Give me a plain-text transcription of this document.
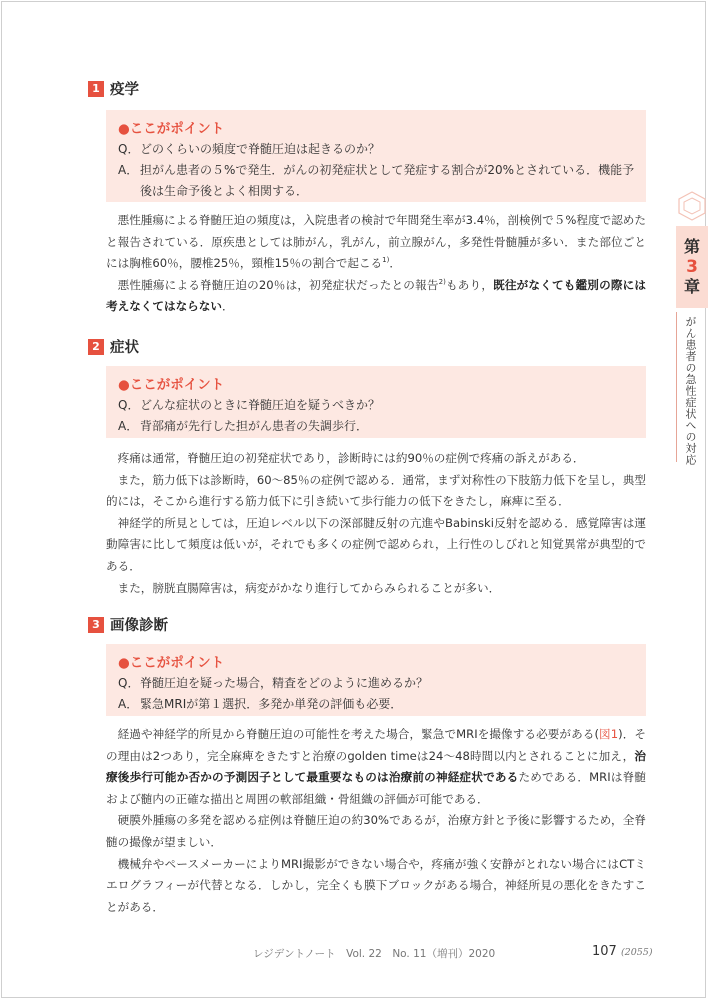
1 疫学
●ここがポイント
Q． どのくらいの頻度で脊髄圧迫は起きるのか？
A． 担がん患者の５%で発生．がんの初発症状として発症する割合が20%とされている．機能予後は生命予後とよく相関する．

悪性腫瘍による脊髄圧迫の頻度は，入院患者の検討で年間発生率が3.4％，剖検例で５%程度で認めたと報告されている．原疾患としては肺がん，乳がん，前立腺がん，多発性骨髄腫が多い．また部位ごとには胸椎60％，腰椎25％，頸椎15％の割合で起こる$^{1)}$．

悪性腫瘍による脊髄圧迫の20％は，初発症状だったとの報告$^{2)}$もあり，既往がなくても鑑別の際には考えなくてはならない．

2 症状
●ここがポイント
Q． どんな症状のときに脊髄圧迫を疑うべきか？
A． 背部痛が先行した担がん患者の失調歩行．

疼痛は通常，脊髄圧迫の初発症状であり，診断時には約90％の症例で疼痛の訴えがある．

また，筋力低下は診断時，60～85％の症例で認める．通常，まず対称性の下肢筋力低下を呈し，典型的には，そこから進行する筋力低下に引き続いて歩行能力の低下をきたし，麻痺に至る．

神経学的所見としては，圧迫レベル以下の深部腱反射の亢進やBabinski反射を認める．感覚障害は運動障害に比して頻度は低いが，それでも多くの症例で認められ，上行性のしびれと知覚異常が典型的である．

また，膀胱直腸障害は，病変がかなり進行してからみられることが多い．

3 画像診断
●ここがポイント
Q． 脊髄圧迫を疑った場合，精査をどのように進めるか？
A． 緊急MRIが第１選択．多発か単発の評価も必要．

経過や神経学的所見から脊髄圧迫の可能性を考えた場合，緊急でMRIを撮像する必要がある(図1)．その理由は2つあり，完全麻痺をきたすと治療のgolden timeは24～48時間以内とされることに加え，治療後歩行可能か否かの予測因子として最重要なものは治療前の神経症状であるためである．MRIは脊髄および髄内の正確な描出と周囲の軟部組織・骨組織の評価が可能である．

硬膜外腫瘍の多発を認める症例は脊髄圧迫の約30%であるが，治療方針と予後に影響するため，全脊髄の撮像が望ましい．

機械弁やペースメーカーによりMRI撮影ができない場合や，疼痛が強く安静がとれない場合にはCTミエログラフィーが代替となる．しかし，完全くも膜下ブロックがある場合，神経所見の悪化をきたすことがある．

第
3
章
がん患者の急性症状への対応
レジデントノート　Vol. 22　No. 11（増刊）2020	107 (2055)
